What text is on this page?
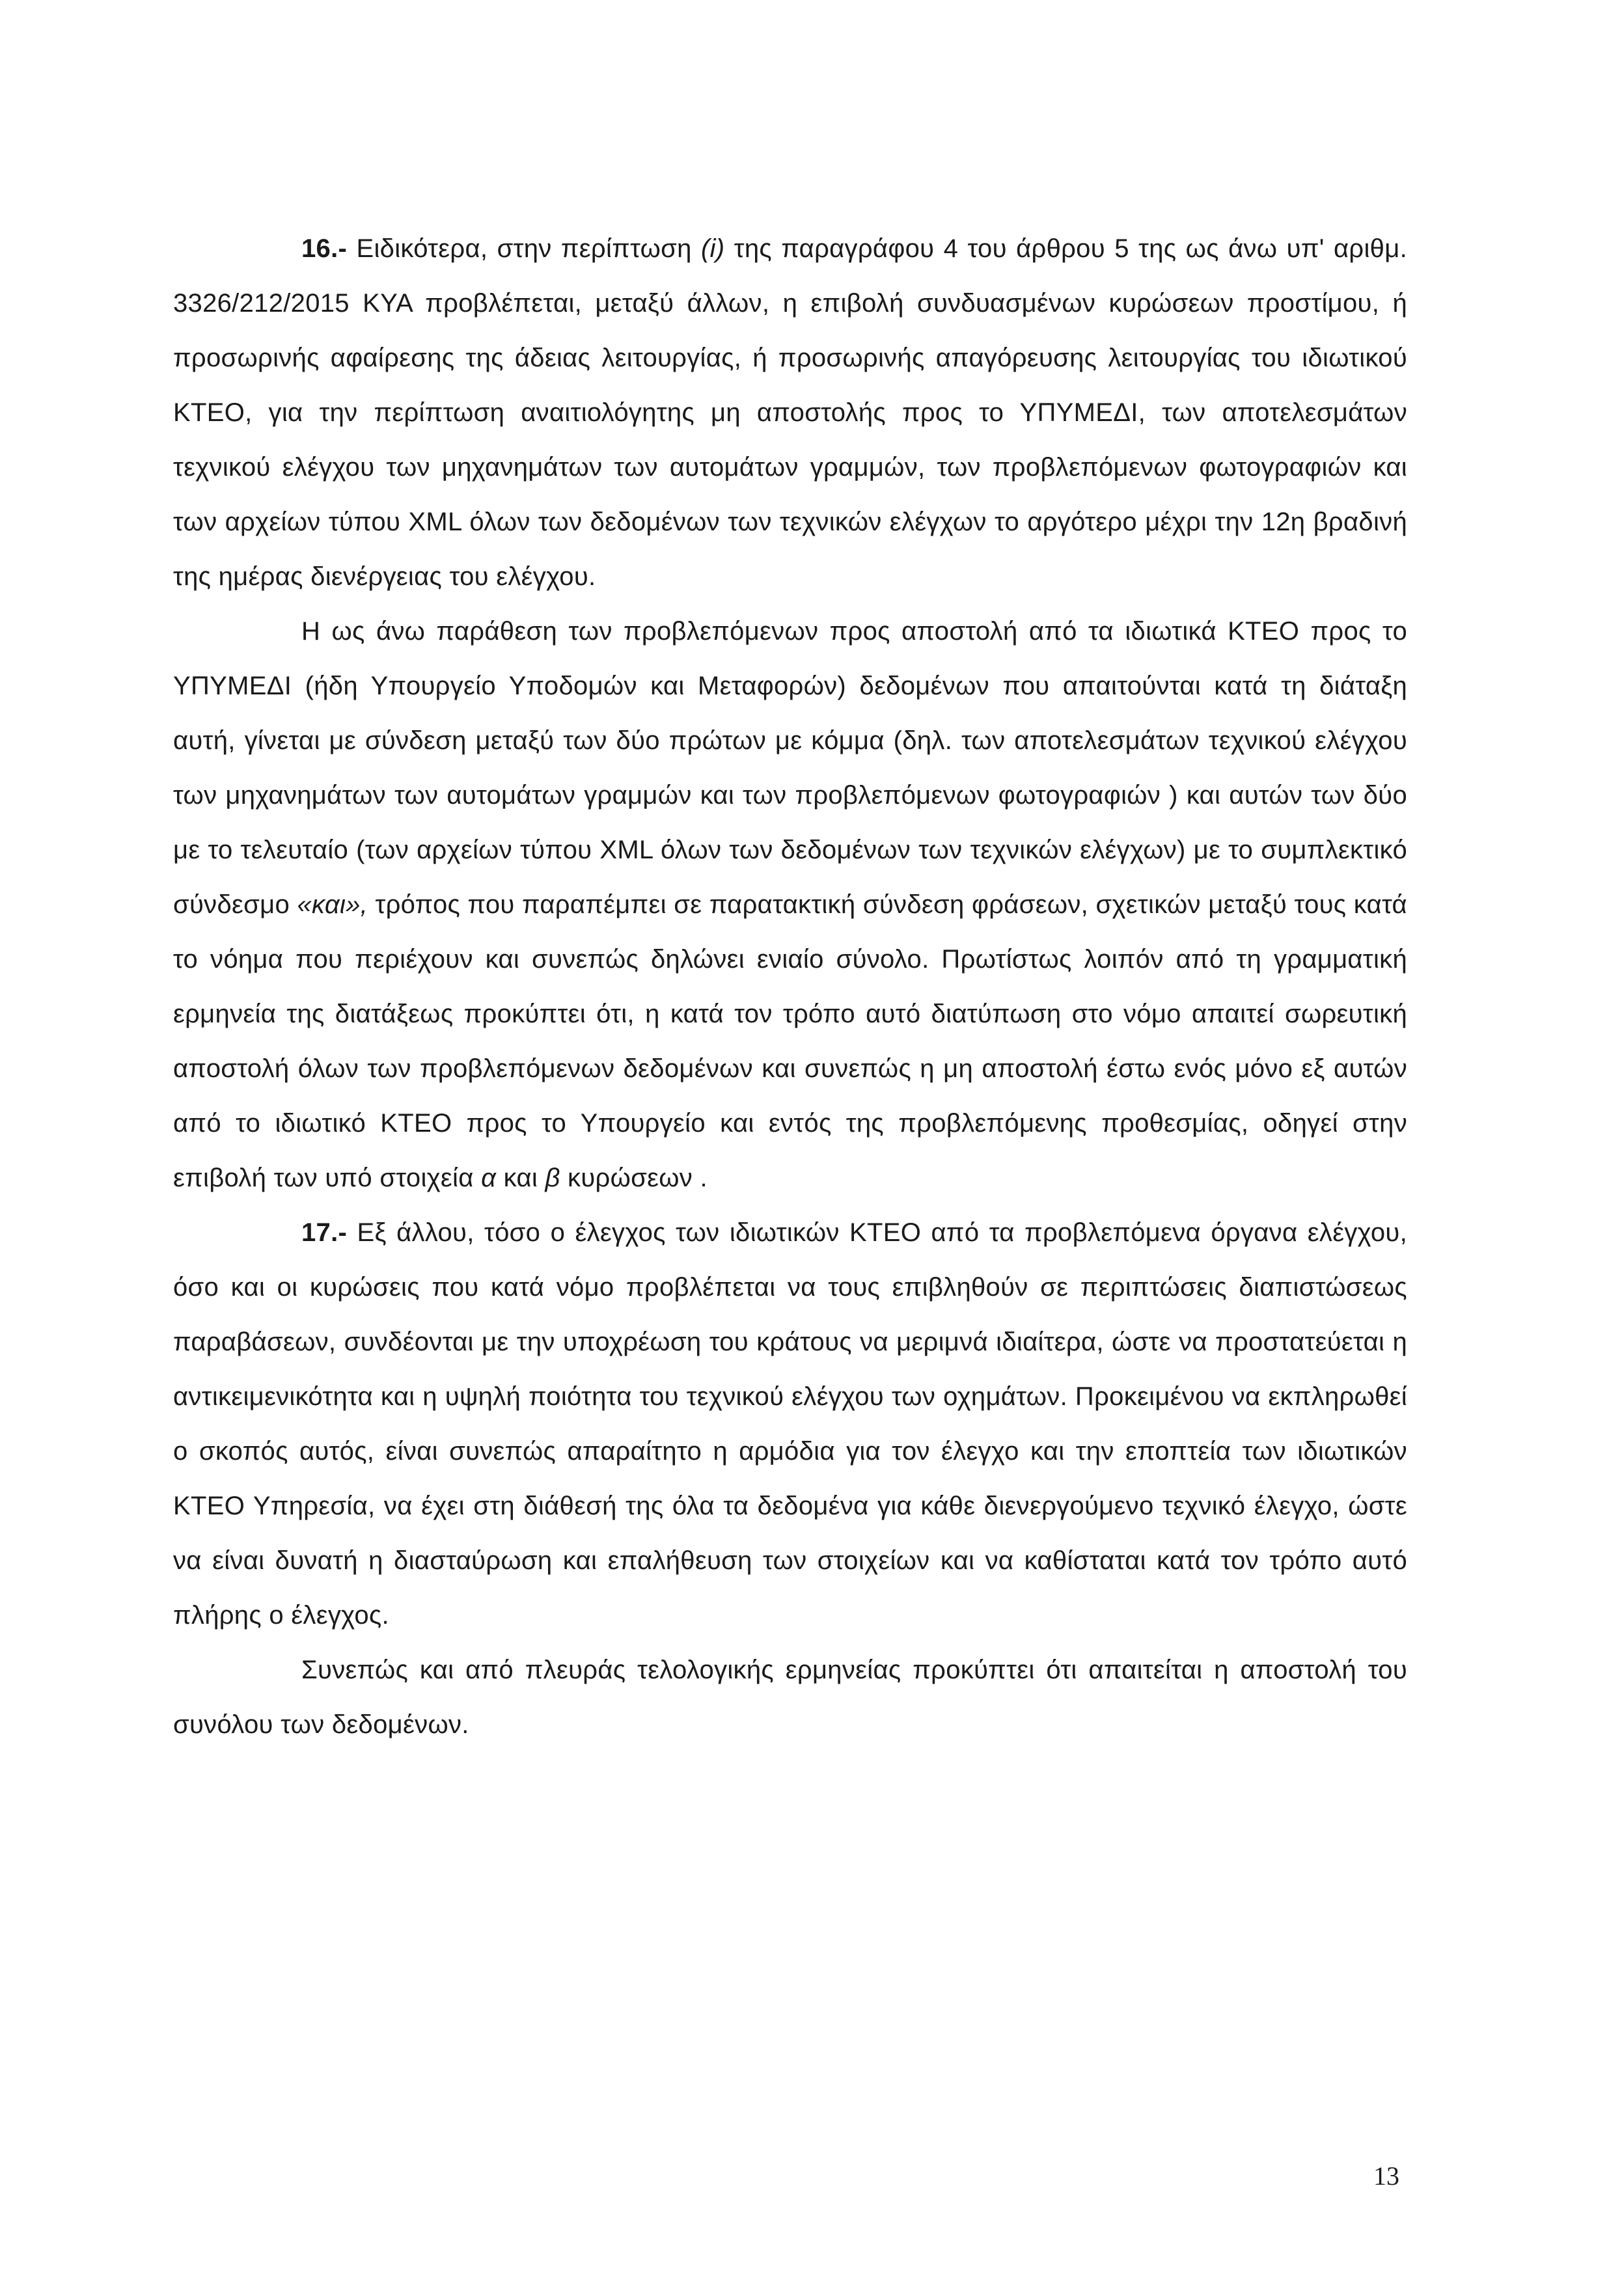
16.- Ειδικότερα, στην περίπτωση (i) της παραγράφου 4 του άρθρου 5 της ως άνω υπ' αριθμ. 3326/212/2015 ΚΥΑ προβλέπεται, μεταξύ άλλων, η επιβολή συνδυασμένων κυρώσεων προστίμου, ή προσωρινής αφαίρεσης της άδειας λειτουργίας, ή προσωρινής απαγόρευσης λειτουργίας του ιδιωτικού ΚΤΕΟ, για την περίπτωση αναιτιολόγητης μη αποστολής προς το ΥΠΥΜΕΔΙ, των αποτελεσμάτων τεχνικού ελέγχου των μηχανημάτων των αυτομάτων γραμμών, των προβλεπόμενων φωτογραφιών και των αρχείων τύπου XML όλων των δεδομένων των τεχνικών ελέγχων το αργότερο μέχρι την 12η βραδινή της ημέρας διενέργειας του ελέγχου.

Η ως άνω παράθεση των προβλεπόμενων προς αποστολή από τα ιδιωτικά ΚΤΕΟ προς το ΥΠΥΜΕΔΙ (ήδη Υπουργείο Υποδομών και Μεταφορών) δεδομένων που απαιτούνται κατά τη διάταξη αυτή, γίνεται με σύνδεση μεταξύ των δύο πρώτων με κόμμα (δηλ. των αποτελεσμάτων τεχνικού ελέγχου των μηχανημάτων των αυτομάτων γραμμών και των προβλεπόμενων φωτογραφιών ) και αυτών των δύο με το τελευταίο (των αρχείων τύπου XML όλων των δεδομένων των τεχνικών ελέγχων) με το συμπλεκτικό σύνδεσμο «και», τρόπος που παραπέμπει σε παρατακτική σύνδεση φράσεων, σχετικών μεταξύ τους κατά το νόημα που περιέχουν και συνεπώς δηλώνει ενιαίο σύνολο. Πρωτίστως λοιπόν από τη γραμματική ερμηνεία της διατάξεως προκύπτει ότι, η κατά τον τρόπο αυτό διατύπωση στο νόμο απαιτεί σωρευτική αποστολή όλων των προβλεπόμενων δεδομένων και συνεπώς η μη αποστολή έστω ενός μόνο εξ αυτών από το ιδιωτικό ΚΤΕΟ προς το Υπουργείο και εντός της προβλεπόμενης προθεσμίας, οδηγεί στην επιβολή των υπό στοιχεία α και β κυρώσεων .

17.- Εξ άλλου, τόσο ο έλεγχος των ιδιωτικών ΚΤΕΟ από τα προβλεπόμενα όργανα ελέγχου, όσο και οι κυρώσεις που κατά νόμο προβλέπεται να τους επιβληθούν σε περιπτώσεις διαπιστώσεως παραβάσεων, συνδέονται με την υποχρέωση του κράτους να μεριμνά ιδιαίτερα, ώστε να προστατεύεται η αντικειμενικότητα και η υψηλή ποιότητα του τεχνικού ελέγχου των οχημάτων. Προκειμένου να εκπληρωθεί ο σκοπός αυτός, είναι συνεπώς απαραίτητο η αρμόδια για τον έλεγχο και την εποπτεία των ιδιωτικών ΚΤΕΟ Υπηρεσία, να έχει στη διάθεσή της όλα τα δεδομένα για κάθε διενεργούμενο τεχνικό έλεγχο, ώστε να είναι δυνατή η διασταύρωση και επαλήθευση των στοιχείων και να καθίσταται κατά τον τρόπο αυτό πλήρης ο έλεγχος.

Συνεπώς και από πλευράς τελολογικής ερμηνείας προκύπτει ότι απαιτείται η αποστολή του συνόλου των δεδομένων.

13
